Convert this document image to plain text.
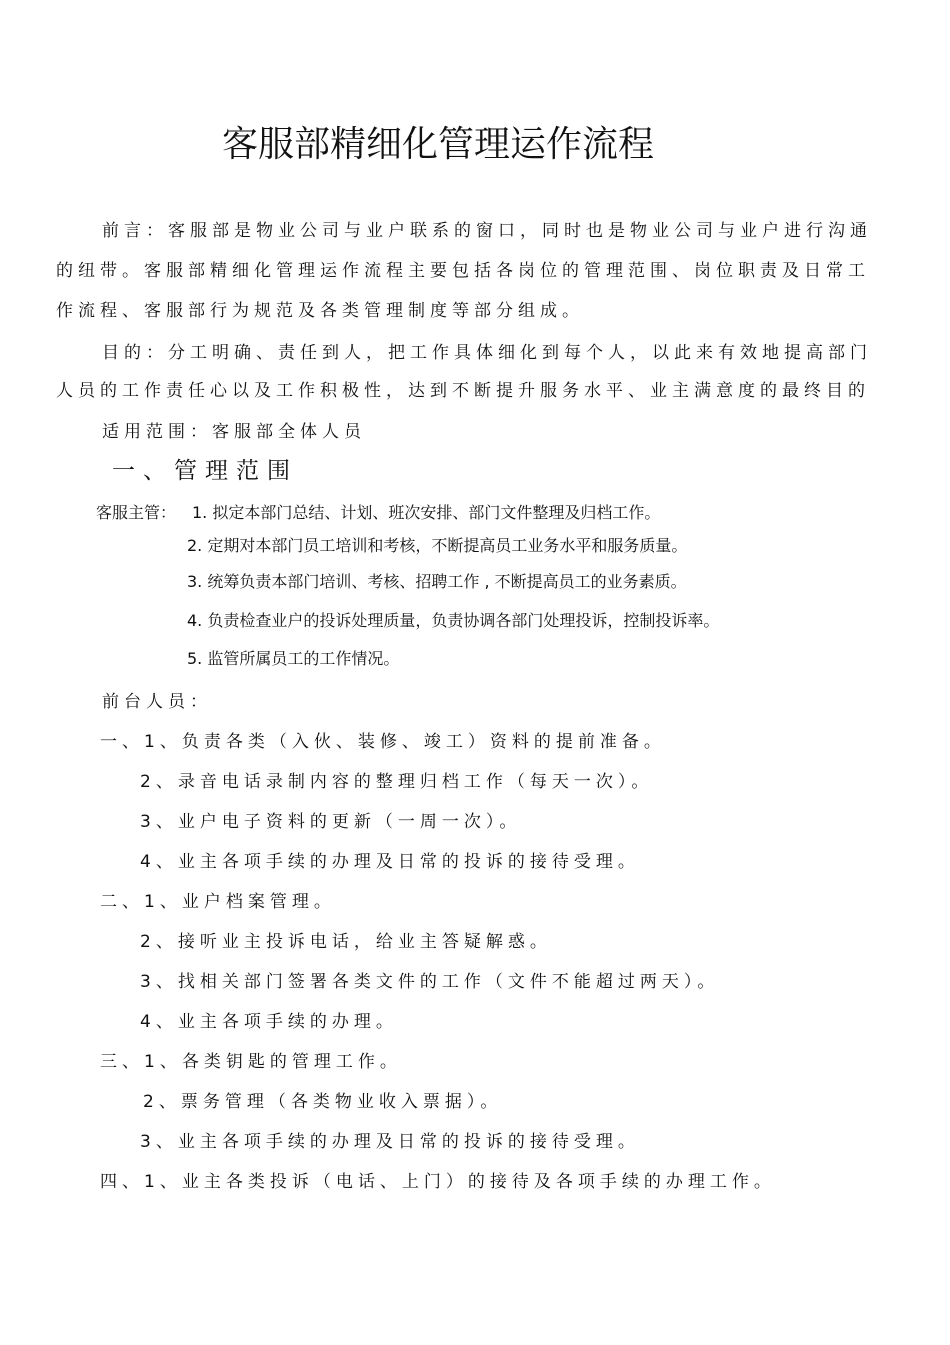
客服部精细化管理运作流程
前言：客服部是物业公司与业户联系的窗口，同时也是物业公司与业户进行沟通
的纽带。客服部精细化管理运作流程主要包括各岗位的管理范围、岗位职责及日常工
作流程、客服部行为规范及各类管理制度等部分组成。
目的：分工明确、责任到人，把工作具体细化到每个人，以此来有效地提高部门
人员的工作责任心以及工作积极性，达到不断提升服务水平、业主满意度的最终目的
适用范围：客服部全体人员
一、管理范围
客服主管： 1. 拟定本部门总结、计划、班次安排、部门文件整理及归档工作。
2. 定期对本部门员工培训和考核，不断提高员工业务水平和服务质量。
3. 统筹负责本部门培训、考核、招聘工作 , 不断提高员工的业务素质。
4. 负责检查业户的投诉处理质量，负责协调各部门处理投诉，控制投诉率。
5. 监管所属员工的工作情况。
前台人员：
一、1、负责各类（入伙、装修、竣工）资料的提前准备。
2、录音电话录制内容的整理归档工作（每天一次）。
3、业户电子资料的更新（一周一次）。
4、业主各项手续的办理及日常的投诉的接待受理。
二、1、业户档案管理。
2、接听业主投诉电话，给业主答疑解惑。
3、找相关部门签署各类文件的工作（文件不能超过两天）。
4、业主各项手续的办理。
三、1、各类钥匙的管理工作。
2、票务管理（各类物业收入票据）。
3、业主各项手续的办理及日常的投诉的接待受理。
四、1、业主各类投诉（电话、上门）的接待及各项手续的办理工作。
